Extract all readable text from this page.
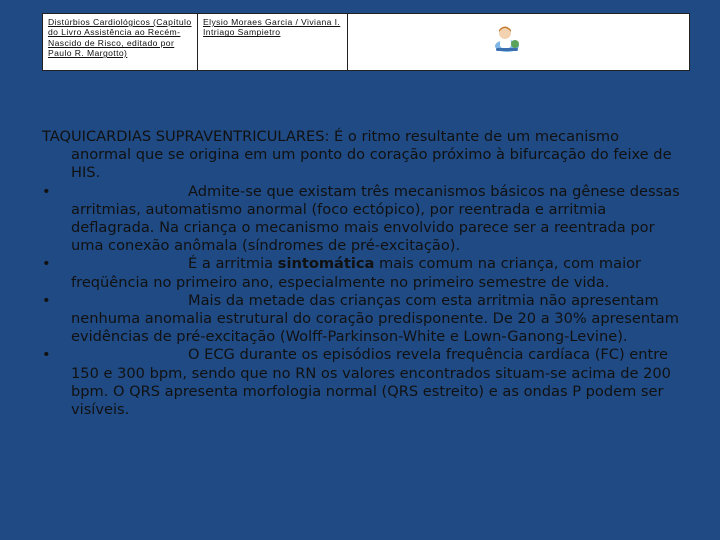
Distúrbios Cardiológicos (Capítulo do Livro Assistência ao Recém-Nascido de Risco, editado por Paulo R. Margotto)
Elysio Moraes Garcia / Viviana I. Intriago Sampietro

TAQUICARDIAS SUPRAVENTRICULARES: É o ritmo resultante de um mecanismo anormal que se origina em um ponto do coração próximo à bifurcação do feixe de HIS.

•	Admite-se que existam três mecanismos básicos na gênese dessas arritmias, automatismo anormal (foco ectópico), por reentrada e arritmia deflagrada. Na criança o mecanismo mais envolvido parece ser a reentrada por uma conexão anômala (síndromes de pré-excitação).

•	É a arritmia sintomática mais comum na criança, com maior freqüência no primeiro ano, especialmente no primeiro semestre de vida.

•	Mais da metade das crianças com esta arritmia não apresentam nenhuma anomalia estrutural do coração predisponente. De 20 a 30% apresentam evidências de pré-excitação (Wolff-Parkinson-White e Lown-Ganong-Levine).

•	O ECG durante os episódios revela frequência cardíaca (FC) entre 150 e 300 bpm, sendo que no RN os valores encontrados situam-se acima de 200 bpm. O QRS apresenta morfologia normal (QRS estreito) e as ondas P podem ser visíveis.
